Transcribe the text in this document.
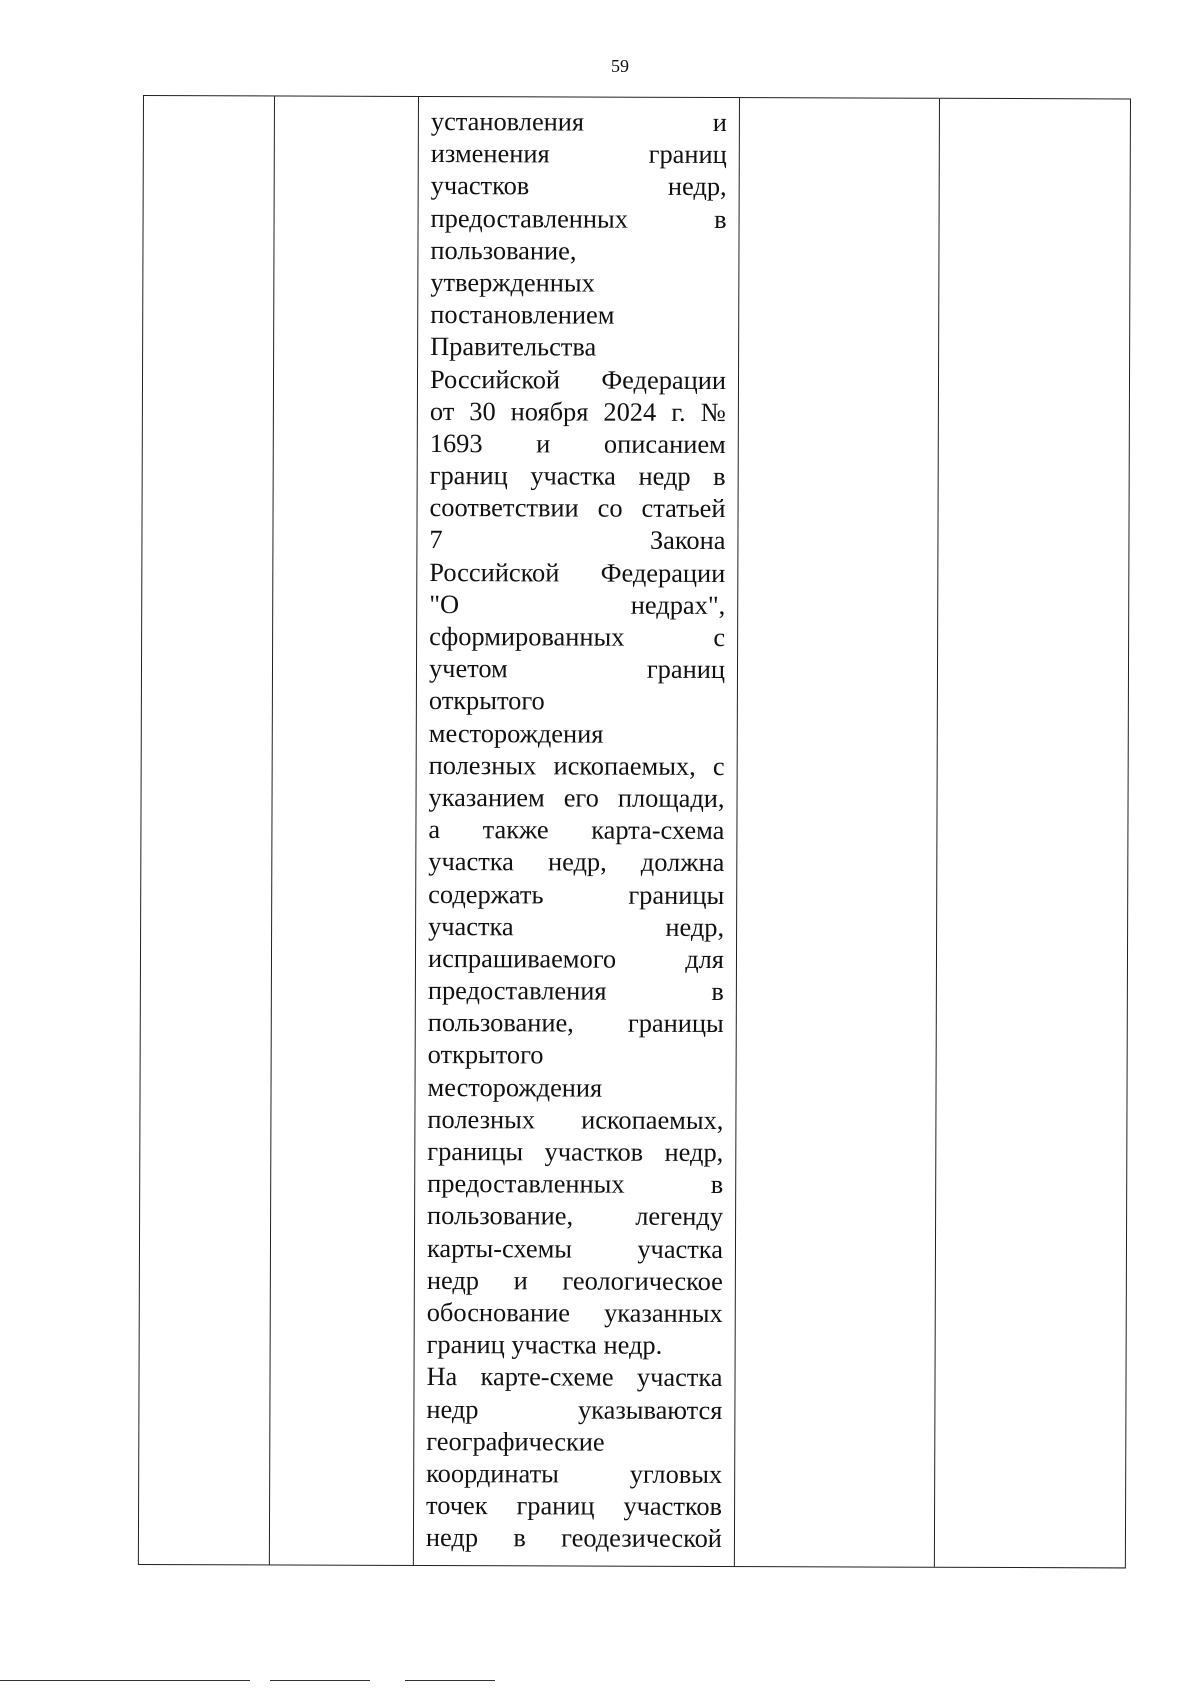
59
установления	и
изменения	границ
участков	недр,
предоставленных	в
пользование,
утвержденных
постановлением
Правительства
Российской Федерации
от 30 ноября 2024 г. №
1693 и описанием
границ участка недр в
соответствии со статьей
7	Закона
Российской Федерации
"О	недрах",
сформированных	с
учетом	границ
открытого
месторождения
полезных ископаемых, с
указанием его площади,
а также карта-схема
участка недр, должна
содержать	границы
участка	недр,
испрашиваемого	для
предоставления	в
пользование, границы
открытого
месторождения
полезных ископаемых,
границы участков недр,
предоставленных	в
пользование, легенду
карты-схемы участка
недр и геологическое
обоснование указанных
границ участка недр.
На карте-схеме участка
недр	указываются
географические
координаты	угловых
точек границ участков
недр в геодезической
